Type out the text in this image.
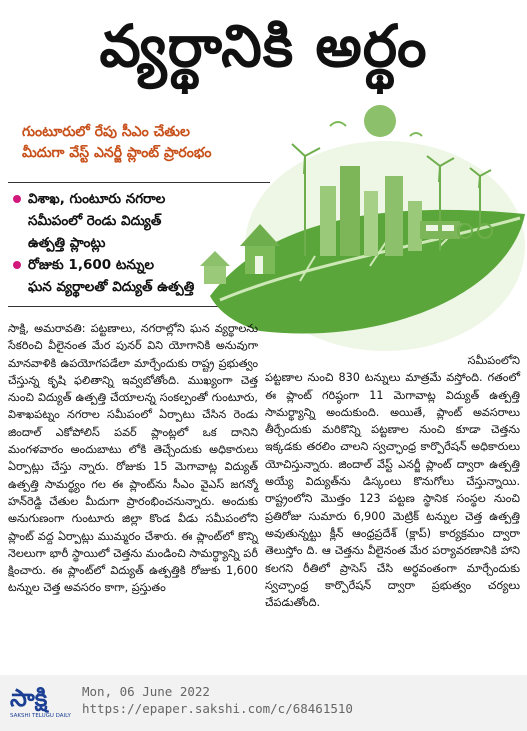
వ్యర్థానికి అర్థం
గుంటూరులో రేపు సీఎం చేతుల
మీదుగా వేస్ట్ ఎనర్జీ ప్లాంట్ ప్రారంభం
విశాఖ, గుంటూరు నగరాల
సమీపంలో రెండు విద్యుత్
ఉత్పత్తి ప్లాంట్లు
రోజుకు 1,600 టన్నుల
ఘన వ్యర్థాలతో విద్యుత్ ఉత్పత్తి

సాక్షి, అమరావతి: పట్టణాలు, నగరాల్లోని ఘన వ్యర్థాలను సేకరించి వీలైనంత మేర పునర్ విని యోగానికి అనువుగా మానవాళికి ఉపయోగపడేలా మార్చేందుకు రాష్ట్ర ప్రభుత్వం చేస్తున్న కృషి ఫలితాన్ని ఇవ్వబోతోంది. ముఖ్యంగా చెత్త నుంచి విద్యుత్ ఉత్పత్తి చేయాలన్న సంకల్పంతో గుంటూరు, విశాఖపట్నం నగరాల సమీపంలో ఏర్పాటు చేసిన రెండు జిందాల్ ఎకోపోలిస్ పవర్ ప్లాంట్లలో ఒక దానిని మంగళవారం అందుబాటు లోకి తెచ్చేందుకు అధికారులు ఏర్పాట్లు చేస్తు న్నారు. రోజుకు 15 మెగావాట్ల విద్యుత్ ఉత్పత్తి సామర్థ్యం గల ఈ ప్లాంట్‌ను సీఎం వైఎస్ జగన్మో హన్‌రెడ్డి చేతుల మీదుగా ప్రారంభించనున్నారు. అందుకు అనుగుణంగా గుంటూరు జిల్లా కొండ వీడు సమీపంలోని ప్లాంట్ వద్ద ఏర్పాట్లు ముమ్మరం చేశారు. ఈ ప్లాంట్‌లో కొన్ని నెలలుగా భారీ స్థాయిలో చెత్తను మండించి సామర్థ్యాన్ని పరీ క్షించారు. ఈ ప్లాంట్‌లో విద్యుత్ ఉత్పత్తికి రోజుకు 1,600 టన్నుల చెత్త అవసరం కాగా, ప్రస్తుతం

సమీపంలోని

పట్టణాల నుంచి 830 టన్నులు మాత్రమే వస్తోంది. గతంలో ఈ ప్లాంట్ గరిష్ఠంగా 11 మెగావాట్ల విద్యుత్ ఉత్పత్తి సామర్థ్యాన్ని అందుకుంది. అయితే, ప్లాంట్ అవసరాలు తీర్చేందుకు మరికొన్ని పట్టణాల నుంచి కూడా చెత్తను ఇక్కడకు తరలిం చాలని స్వచ్ఛాంధ్ర కార్పొరేషన్ అధికారులు యోచిస్తున్నారు. జిందాల్ వేస్ట్ ఎనర్జీ ప్లాంట్ ద్వారా ఉత్పత్తి అయ్యే విద్యుత్‌ను డిస్కంలు కొనుగోలు చేస్తున్నాయి. రాష్ట్రంలోని మొత్తం 123 పట్టణ స్థానిక సంస్థల నుంచి ప్రతిరోజు సుమారు 6,900 మెట్రిక్ టన్నుల చెత్త ఉత్పత్తి అవుతున్నట్టు క్లీన్ ఆంధ్రప్రదేశ్ (క్లాప్) కార్యక్రమం ద్వారా తెలుస్తోం ది. ఆ చెత్తను వీలైనంత మేర పర్యావరణానికి హాని కలగని రీతిలో ప్రాసెస్ చేసి అర్థవంతంగా మార్చేందుకు స్వచ్ఛాంధ్ర కార్పొరేషన్ ద్వారా ప్రభుత్వం చర్యలు చేపడుతోంది.

సాక్షి
SAKSHI TELUGU DAILY
Mon, 06 June 2022
https://epaper.sakshi.com/c/68461510
